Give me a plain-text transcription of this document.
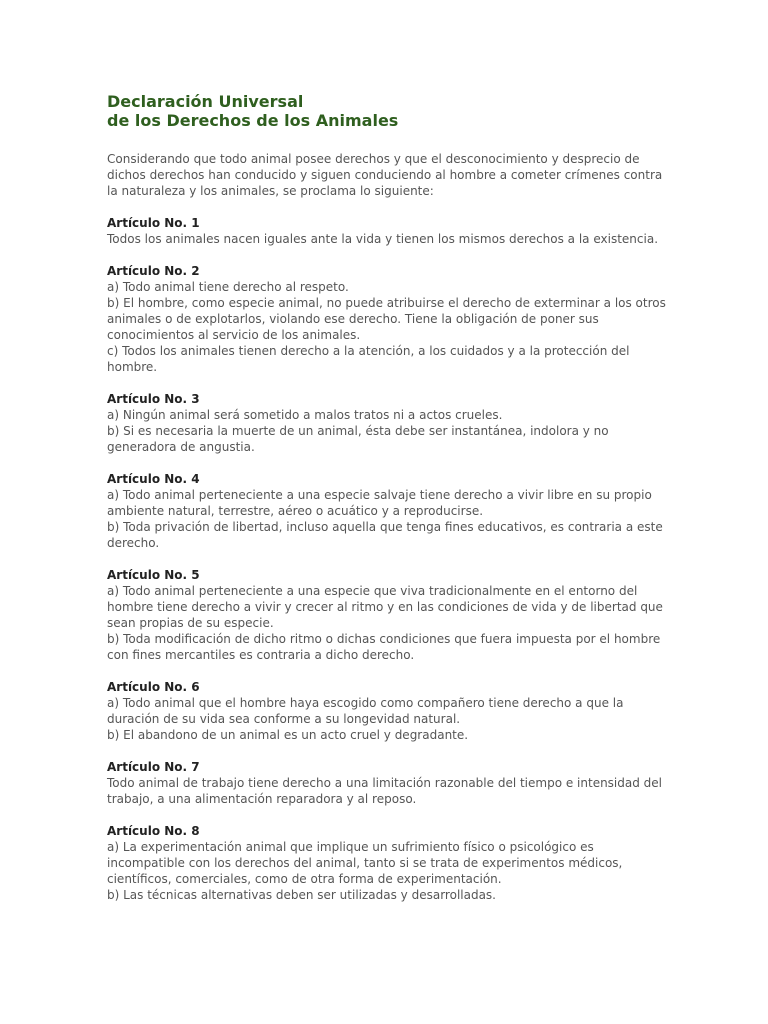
Declaración Universal
de los Derechos de los Animales

Considerando que todo animal posee derechos y que el desconocimiento y desprecio de dichos derechos han conducido y siguen conduciendo al hombre a cometer crímenes contra la naturaleza y los animales, se proclama lo siguiente:

Artículo No. 1

Todos los animales nacen iguales ante la vida y tienen los mismos derechos a la existencia.

Artículo No. 2

a) Todo animal tiene derecho al respeto.

b) El hombre, como especie animal, no puede atribuirse el derecho de exterminar a los otros animales o de explotarlos, violando ese derecho. Tiene la obligación de poner sus conocimientos al servicio de los animales.

c) Todos los animales tienen derecho a la atención, a los cuidados y a la protección del hombre.

Artículo No. 3

a) Ningún animal será sometido a malos tratos ni a actos crueles.

b) Si es necesaria la muerte de un animal, ésta debe ser instantánea, indolora y no generadora de angustia.

Artículo No. 4

a) Todo animal perteneciente a una especie salvaje tiene derecho a vivir libre en su propio ambiente natural, terrestre, aéreo o acuático y a reproducirse.

b) Toda privación de libertad, incluso aquella que tenga fines educativos, es contraria a este derecho.

Artículo No. 5

a) Todo animal perteneciente a una especie que viva tradicionalmente en el entorno del hombre tiene derecho a vivir y crecer al ritmo y en las condiciones de vida y de libertad que sean propias de su especie.

b) Toda modificación de dicho ritmo o dichas condiciones que fuera impuesta por el hombre con fines mercantiles es contraria a dicho derecho.

Artículo No. 6

a) Todo animal que el hombre haya escogido como compañero tiene derecho a que la duración de su vida sea conforme a su longevidad natural.

b) El abandono de un animal es un acto cruel y degradante.

Artículo No. 7

Todo animal de trabajo tiene derecho a una limitación razonable del tiempo e intensidad del trabajo, a una alimentación reparadora y al reposo.

Artículo No. 8

a) La experimentación animal que implique un sufrimiento físico o psicológico es incompatible con los derechos del animal, tanto si se trata de experimentos médicos, científicos, comerciales, como de otra forma de experimentación.

b) Las técnicas alternativas deben ser utilizadas y desarrolladas.
